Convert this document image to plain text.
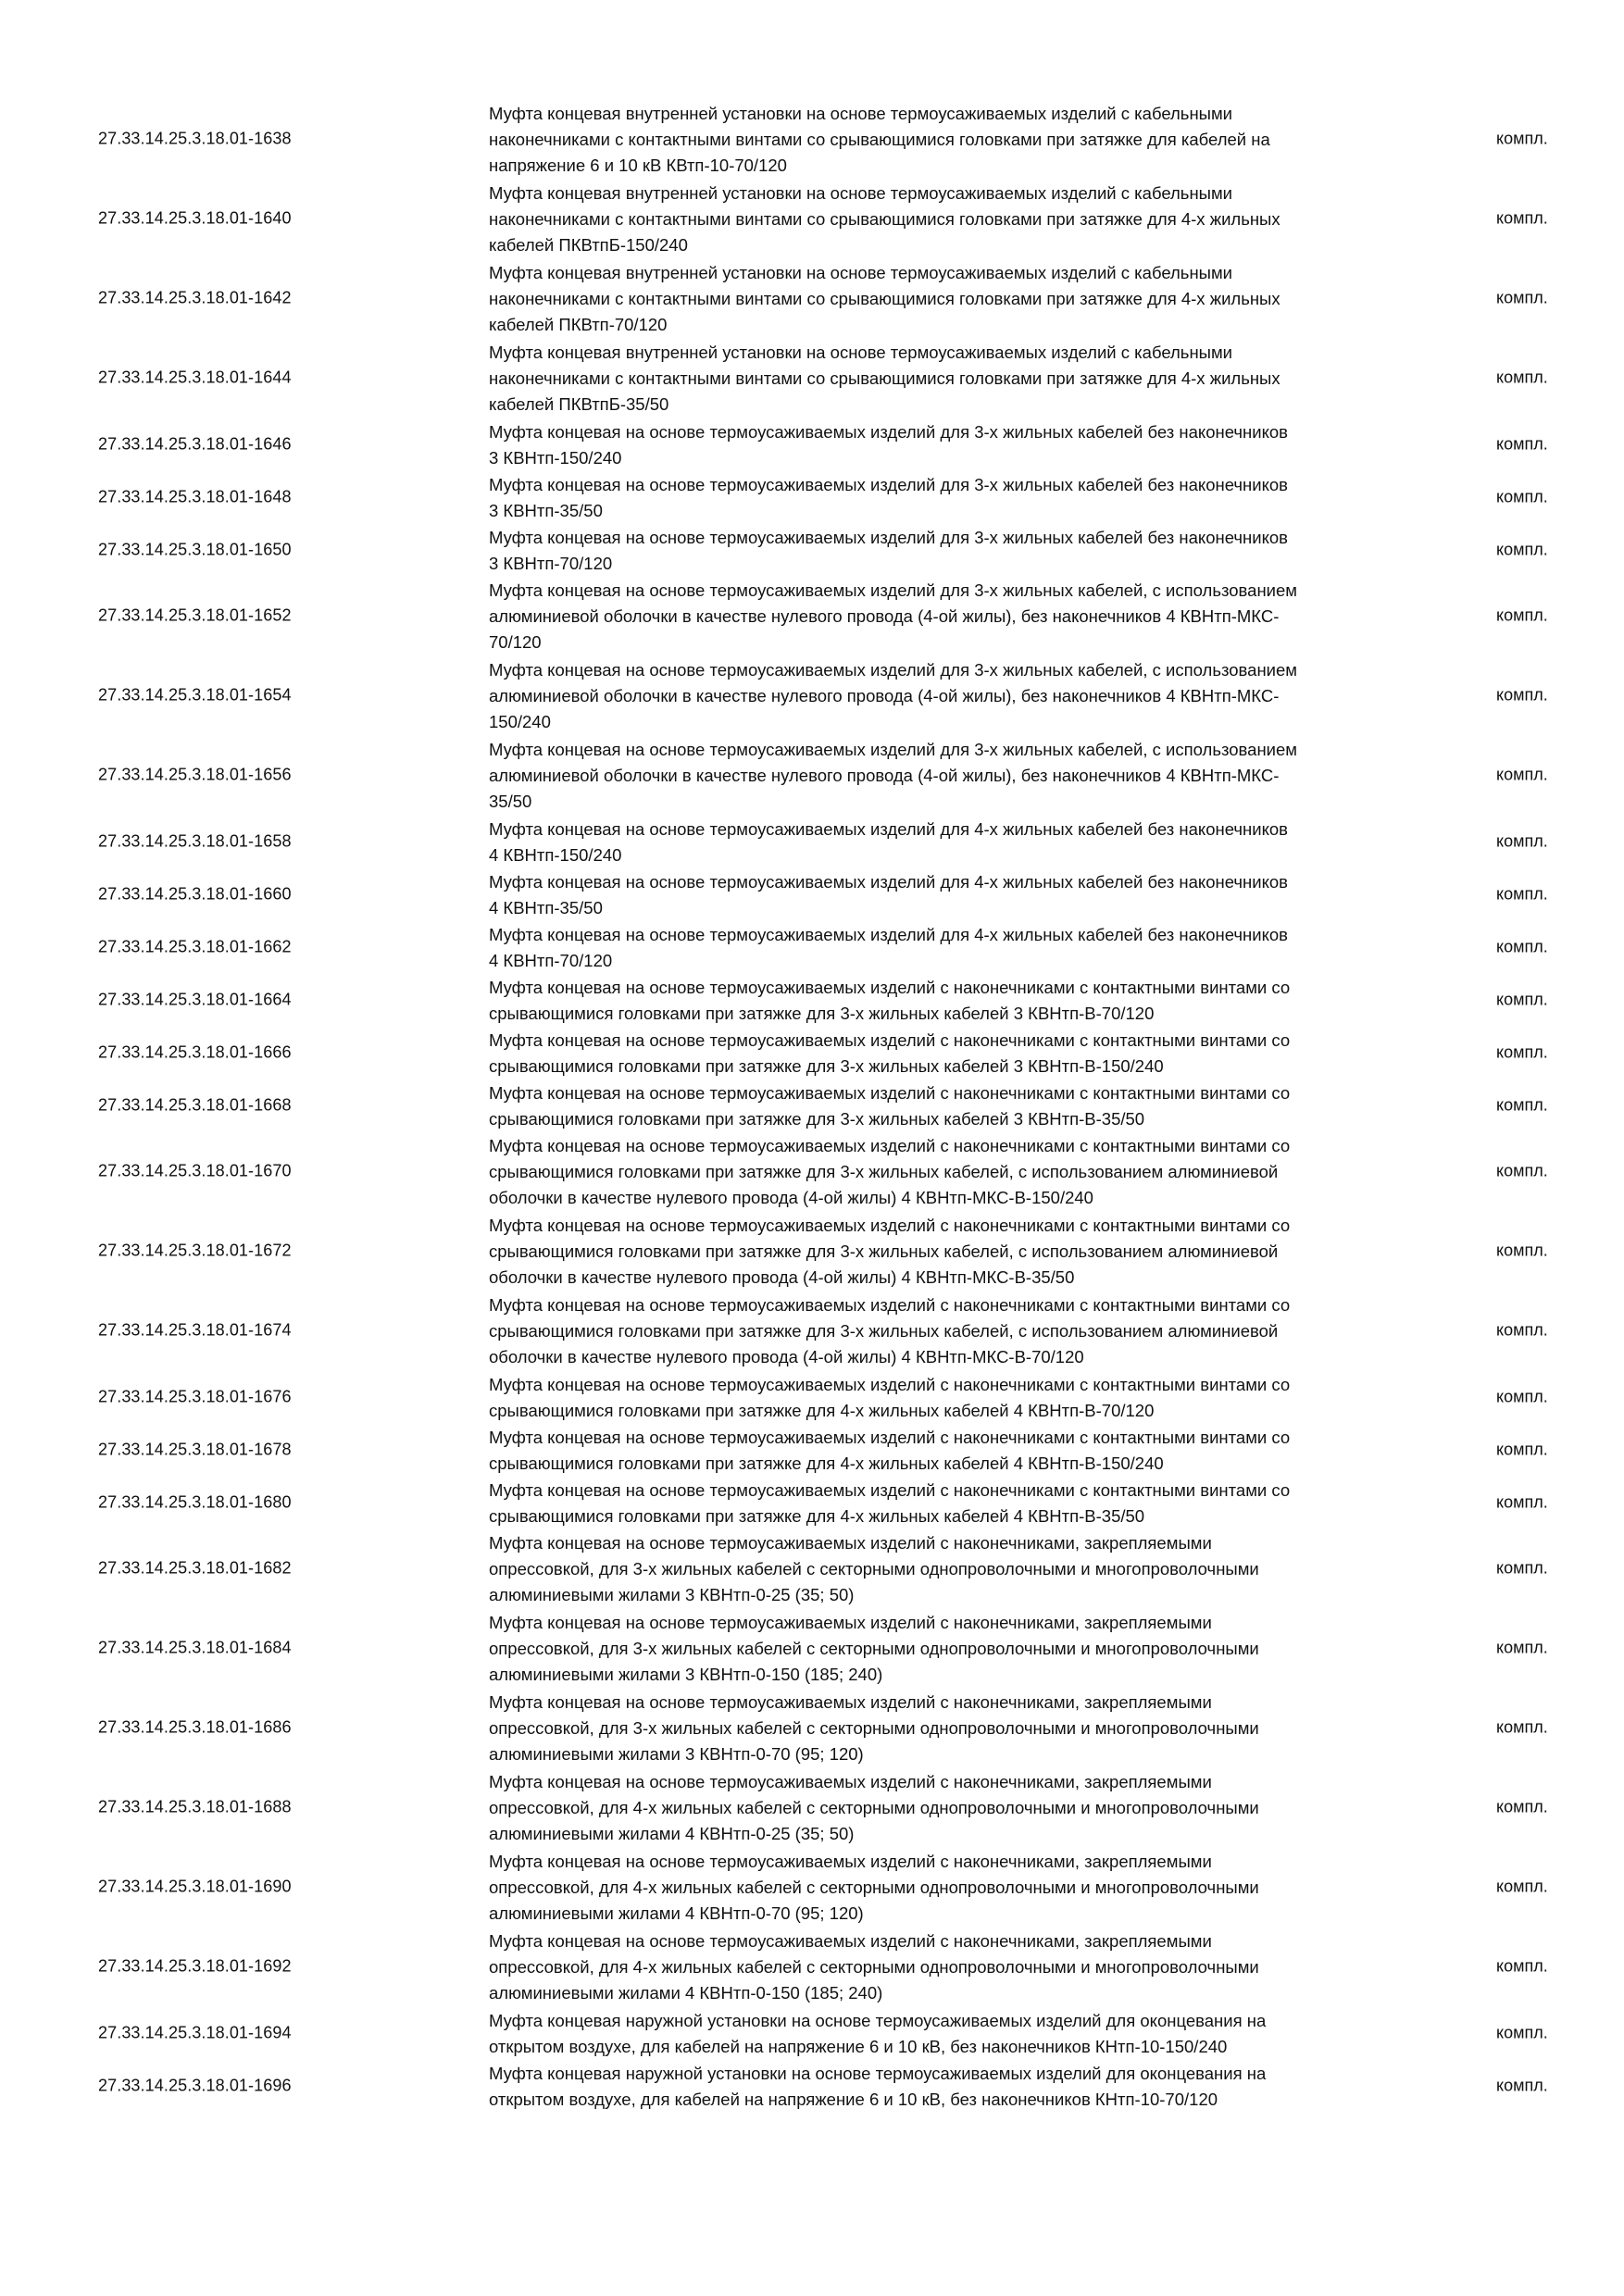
27.33.14.25.3.18.01-1638
Муфта концевая внутренней установки на основе термоусаживаемых изделий с кабельными
наконечниками с контактными винтами со срывающимися головками при затяжке для кабелей на
напряжение 6 и 10 кВ КВтп-10-70/120
компл.
27.33.14.25.3.18.01-1640
Муфта концевая внутренней установки на основе термоусаживаемых изделий с кабельными
наконечниками с контактными винтами со срывающимися головками при затяжке для 4-х жильных
кабелей ПКВтпБ-150/240
компл.
27.33.14.25.3.18.01-1642
Муфта концевая внутренней установки на основе термоусаживаемых изделий с кабельными
наконечниками с контактными винтами со срывающимися головками при затяжке для 4-х жильных
кабелей ПКВтп-70/120
компл.
27.33.14.25.3.18.01-1644
Муфта концевая внутренней установки на основе термоусаживаемых изделий с кабельными
наконечниками с контактными винтами со срывающимися головками при затяжке для 4-х жильных
кабелей ПКВтпБ-35/50
компл.
27.33.14.25.3.18.01-1646
Муфта концевая на основе термоусаживаемых изделий для 3-х жильных кабелей без наконечников
3 КВНтп-150/240
компл.
27.33.14.25.3.18.01-1648
Муфта концевая на основе термоусаживаемых изделий для 3-х жильных кабелей без наконечников
3 КВНтп-35/50
компл.
27.33.14.25.3.18.01-1650
Муфта концевая на основе термоусаживаемых изделий для 3-х жильных кабелей без наконечников
3 КВНтп-70/120
компл.
27.33.14.25.3.18.01-1652
Муфта концевая на основе термоусаживаемых изделий для 3-х жильных кабелей, с использованием
алюминиевой оболочки в качестве нулевого провода (4-ой жилы), без наконечников 4 КВНтп-МКС-
70/120
компл.
27.33.14.25.3.18.01-1654
Муфта концевая на основе термоусаживаемых изделий для 3-х жильных кабелей, с использованием
алюминиевой оболочки в качестве нулевого провода (4-ой жилы), без наконечников 4 КВНтп-МКС-
150/240
компл.
27.33.14.25.3.18.01-1656
Муфта концевая на основе термоусаживаемых изделий для 3-х жильных кабелей, с использованием
алюминиевой оболочки в качестве нулевого провода (4-ой жилы), без наконечников 4 КВНтп-МКС-
35/50
компл.
27.33.14.25.3.18.01-1658
Муфта концевая на основе термоусаживаемых изделий для 4-х жильных кабелей без наконечников
4 КВНтп-150/240
компл.
27.33.14.25.3.18.01-1660
Муфта концевая на основе термоусаживаемых изделий для 4-х жильных кабелей без наконечников
4 КВНтп-35/50
компл.
27.33.14.25.3.18.01-1662
Муфта концевая на основе термоусаживаемых изделий для 4-х жильных кабелей без наконечников
4 КВНтп-70/120
компл.
27.33.14.25.3.18.01-1664
Муфта концевая на основе термоусаживаемых изделий с наконечниками с контактными винтами со
срывающимися головками при затяжке для 3-х жильных кабелей 3 КВНтп-В-70/120
компл.
27.33.14.25.3.18.01-1666
Муфта концевая на основе термоусаживаемых изделий с наконечниками с контактными винтами со
срывающимися головками при затяжке для 3-х жильных кабелей 3 КВНтп-В-150/240
компл.
27.33.14.25.3.18.01-1668
Муфта концевая на основе термоусаживаемых изделий с наконечниками с контактными винтами со
срывающимися головками при затяжке для 3-х жильных кабелей 3 КВНтп-В-35/50
компл.
27.33.14.25.3.18.01-1670
Муфта концевая на основе термоусаживаемых изделий с наконечниками с контактными винтами со
срывающимися головками при затяжке для 3-х жильных кабелей, с использованием алюминиевой
оболочки в качестве нулевого провода (4-ой жилы) 4 КВНтп-МКС-В-150/240
компл.
27.33.14.25.3.18.01-1672
Муфта концевая на основе термоусаживаемых изделий с наконечниками с контактными винтами со
срывающимися головками при затяжке для 3-х жильных кабелей, с использованием алюминиевой
оболочки в качестве нулевого провода (4-ой жилы) 4 КВНтп-МКС-В-35/50
компл.
27.33.14.25.3.18.01-1674
Муфта концевая на основе термоусаживаемых изделий с наконечниками с контактными винтами со
срывающимися головками при затяжке для 3-х жильных кабелей, с использованием алюминиевой
оболочки в качестве нулевого провода (4-ой жилы) 4 КВНтп-МКС-В-70/120
компл.
27.33.14.25.3.18.01-1676
Муфта концевая на основе термоусаживаемых изделий с наконечниками с контактными винтами со
срывающимися головками при затяжке для 4-х жильных кабелей 4 КВНтп-В-70/120
компл.
27.33.14.25.3.18.01-1678
Муфта концевая на основе термоусаживаемых изделий с наконечниками с контактными винтами со
срывающимися головками при затяжке для 4-х жильных кабелей 4 КВНтп-В-150/240
компл.
27.33.14.25.3.18.01-1680
Муфта концевая на основе термоусаживаемых изделий с наконечниками с контактными винтами со
срывающимися головками при затяжке для 4-х жильных кабелей 4 КВНтп-В-35/50
компл.
27.33.14.25.3.18.01-1682
Муфта концевая на основе термоусаживаемых изделий с наконечниками, закрепляемыми
опрессовкой, для 3-х жильных кабелей с секторными однопроволочными и многопроволочными
алюминиевыми жилами 3 КВНтп-0-25 (35; 50)
компл.
27.33.14.25.3.18.01-1684
Муфта концевая на основе термоусаживаемых изделий с наконечниками, закрепляемыми
опрессовкой, для 3-х жильных кабелей с секторными однопроволочными и многопроволочными
алюминиевыми жилами 3 КВНтп-0-150 (185; 240)
компл.
27.33.14.25.3.18.01-1686
Муфта концевая на основе термоусаживаемых изделий с наконечниками, закрепляемыми
опрессовкой, для 3-х жильных кабелей с секторными однопроволочными и многопроволочными
алюминиевыми жилами 3 КВНтп-0-70 (95; 120)
компл.
27.33.14.25.3.18.01-1688
Муфта концевая на основе термоусаживаемых изделий с наконечниками, закрепляемыми
опрессовкой, для 4-х жильных кабелей с секторными однопроволочными и многопроволочными
алюминиевыми жилами 4 КВНтп-0-25 (35; 50)
компл.
27.33.14.25.3.18.01-1690
Муфта концевая на основе термоусаживаемых изделий с наконечниками, закрепляемыми
опрессовкой, для 4-х жильных кабелей с секторными однопроволочными и многопроволочными
алюминиевыми жилами 4 КВНтп-0-70 (95; 120)
компл.
27.33.14.25.3.18.01-1692
Муфта концевая на основе термоусаживаемых изделий с наконечниками, закрепляемыми
опрессовкой, для 4-х жильных кабелей с секторными однопроволочными и многопроволочными
алюминиевыми жилами 4 КВНтп-0-150 (185; 240)
компл.
27.33.14.25.3.18.01-1694
Муфта концевая наружной установки на основе термоусаживаемых изделий для оконцевания на
открытом воздухе, для кабелей на напряжение 6 и 10 кВ, без наконечников КНтп-10-150/240
компл.
27.33.14.25.3.18.01-1696
Муфта концевая наружной установки на основе термоусаживаемых изделий для оконцевания на
открытом воздухе, для кабелей на напряжение 6 и 10 кВ, без наконечников КНтп-10-70/120
компл.
